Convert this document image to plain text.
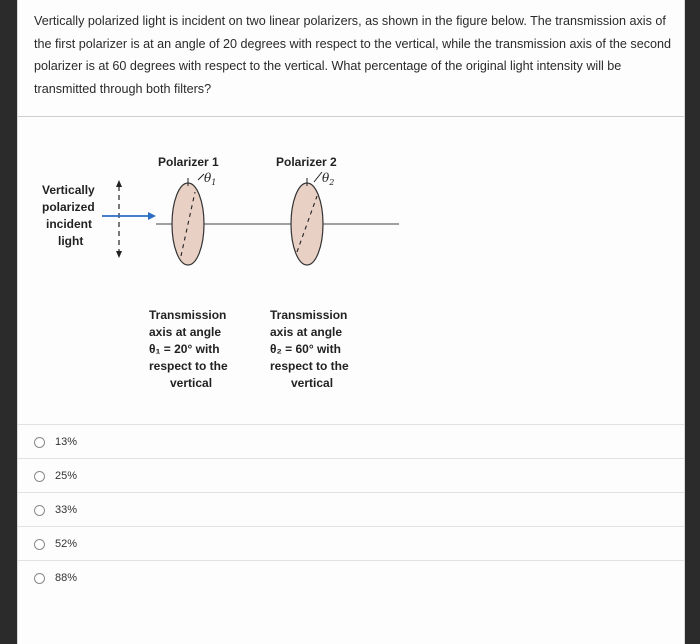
Vertically polarized light is incident on two linear polarizers, as shown in the figure below. The transmission axis of the first polarizer is at an angle of 20 degrees with respect to the vertical, while the transmission axis of the second polarizer is at 60 degrees with respect to the vertical. What percentage of the original light intensity will be transmitted through both filters?
Polarizer 1	Polarizer 2
$\theta_1$	$\theta_2$
Vertically
polarized
incident
light
Transmission
axis at angle
θ₁ = 20° with
respect to the
vertical
Transmission
axis at angle
θ₂ = 60° with
respect to the
vertical
13%
25%
33%
52%
88%
